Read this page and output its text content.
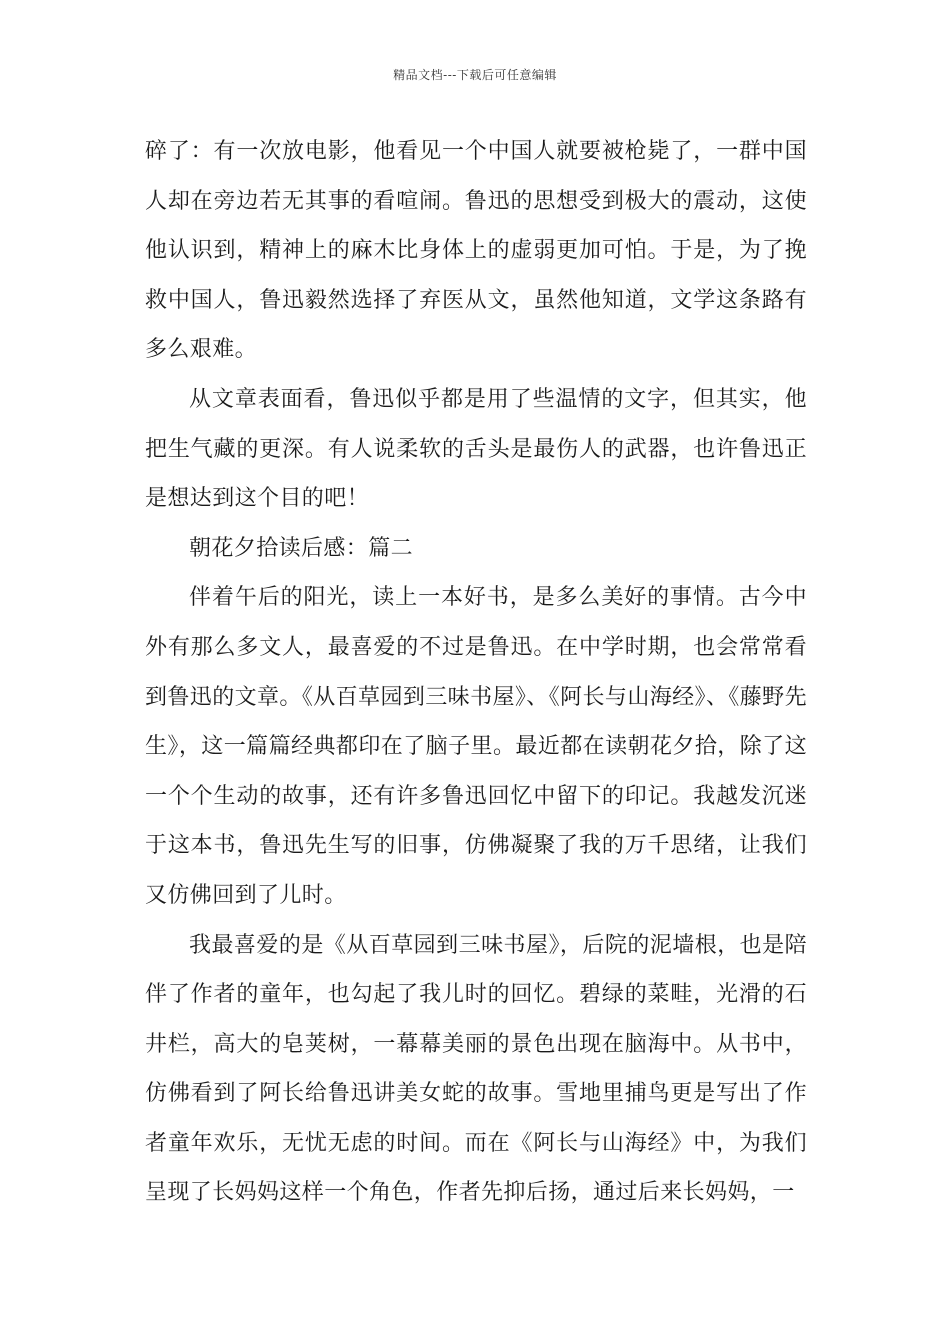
精品文档---下载后可任意编辑

碎了：有一次放电影，他看见一个中国人就要被枪毙了，一群中国人却在旁边若无其事的看喧闹。鲁迅的思想受到极大的震动，这使他认识到，精神上的麻木比身体上的虚弱更加可怕。于是，为了挽救中国人，鲁迅毅然选择了弃医从文，虽然他知道，文学这条路有多么艰难。

从文章表面看，鲁迅似乎都是用了些温情的文字，但其实，他把生气藏的更深。有人说柔软的舌头是最伤人的武器，也许鲁迅正是想达到这个目的吧！

朝花夕拾读后感：篇二

伴着午后的阳光，读上一本好书，是多么美好的事情。古今中外有那么多文人，最喜爱的不过是鲁迅。在中学时期，也会常常看到鲁迅的文章。《从百草园到三味书屋》、《阿长与山海经》、《藤野先生》，这一篇篇经典都印在了脑子里。最近都在读朝花夕拾，除了这一个个生动的故事，还有许多鲁迅回忆中留下的印记。我越发沉迷于这本书，鲁迅先生写的旧事，仿佛凝聚了我的万千思绪，让我们又仿佛回到了儿时。

我最喜爱的是《从百草园到三味书屋》，后院的泥墙根，也是陪伴了作者的童年，也勾起了我儿时的回忆。碧绿的菜畦，光滑的石井栏，高大的皂荚树，一幕幕美丽的景色出现在脑海中。从书中，仿佛看到了阿长给鲁迅讲美女蛇的故事。雪地里捕鸟更是写出了作者童年欢乐，无忧无虑的时间。而在《阿长与山海经》中，为我们呈现了长妈妈这样一个角色，作者先抑后扬，通过后来长妈妈，一
